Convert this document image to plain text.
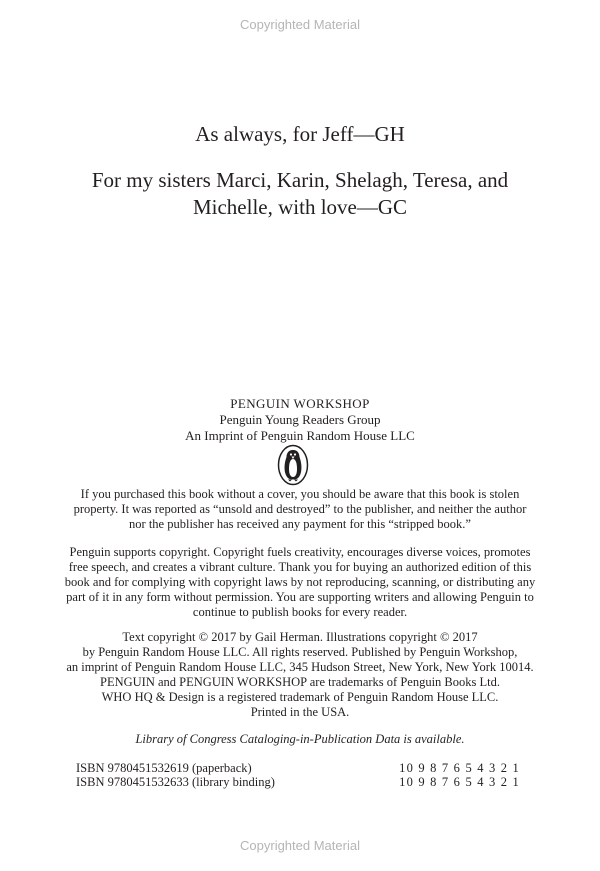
Copyrighted Material
As always, for Jeff—GH
For my sisters Marci, Karin, Shelagh, Teresa, and
Michelle, with love—GC
PENGUIN WORKSHOP
Penguin Young Readers Group
An Imprint of Penguin Random House LLC
If you purchased this book without a cover, you should be aware that this book is stolen
property. It was reported as “unsold and destroyed” to the publisher, and neither the author
nor the publisher has received any payment for this “stripped book.”
Penguin supports copyright. Copyright fuels creativity, encourages diverse voices, promotes
free speech, and creates a vibrant culture. Thank you for buying an authorized edition of this
book and for complying with copyright laws by not reproducing, scanning, or distributing any
part of it in any form without permission. You are supporting writers and allowing Penguin to
continue to publish books for every reader.
Text copyright © 2017 by Gail Herman. Illustrations copyright © 2017
by Penguin Random House LLC. All rights reserved. Published by Penguin Workshop,
an imprint of Penguin Random House LLC, 345 Hudson Street, New York, New York 10014.
PENGUIN and PENGUIN WORKSHOP are trademarks of Penguin Books Ltd.
WHO HQ & Design is a registered trademark of Penguin Random House LLC.
Printed in the USA.
Library of Congress Cataloging-in-Publication Data is available.
ISBN 9780451532619 (paperback)	10 9 8 7 6 5 4 3 2 1
ISBN 9780451532633 (library binding)	10 9 8 7 6 5 4 3 2 1
Copyrighted Material
